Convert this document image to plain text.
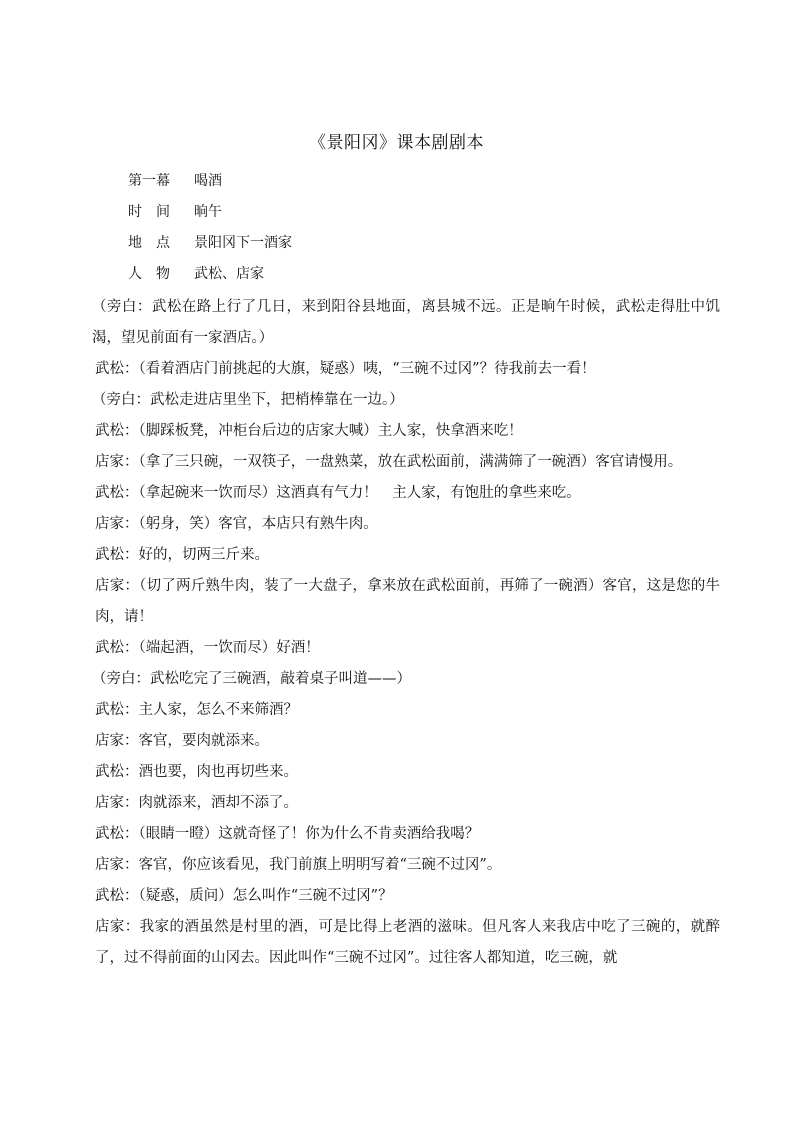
《景阳冈》课本剧剧本
第一幕 喝酒
时　间 晌午
地　点 景阳冈下一酒家
人　物 武松、店家
（旁白：武松在路上行了几日，来到阳谷县地面，离县城不远。正是晌午时候，武松走得肚中饥渴，望见前面有一家酒店。）
武松：（看着酒店门前挑起的大旗，疑惑）咦，“三碗不过冈”？待我前去一看！
（旁白：武松走进店里坐下，把梢棒靠在一边。）
武松：（脚踩板凳，冲柜台后边的店家大喊）主人家，快拿酒来吃！
店家：（拿了三只碗，一双筷子，一盘熟菜，放在武松面前，满满筛了一碗酒）客官请慢用。
武松：（拿起碗来一饮而尽）这酒真有气力！　主人家，有饱肚的拿些来吃。
店家：（躬身，笑）客官，本店只有熟牛肉。
武松：好的，切两三斤来。
店家：（切了两斤熟牛肉，装了一大盘子，拿来放在武松面前，再筛了一碗酒）客官，这是您的牛肉，请！
武松：（端起酒，一饮而尽）好酒！
（旁白：武松吃完了三碗酒，敲着桌子叫道——）
武松：主人家，怎么不来筛酒？
店家：客官，要肉就添来。
武松：酒也要，肉也再切些来。
店家：肉就添来，酒却不添了。
武松：（眼睛一瞪）这就奇怪了！你为什么不肯卖酒给我喝？
店家：客官，你应该看见，我门前旗上明明写着“三碗不过冈”。
武松：（疑惑，质问）怎么叫作“三碗不过冈”？
店家：我家的酒虽然是村里的酒，可是比得上老酒的滋味。但凡客人来我店中吃了三碗的，就醉了，过不得前面的山冈去。因此叫作“三碗不过冈”。过往客人都知道，吃三碗，就
